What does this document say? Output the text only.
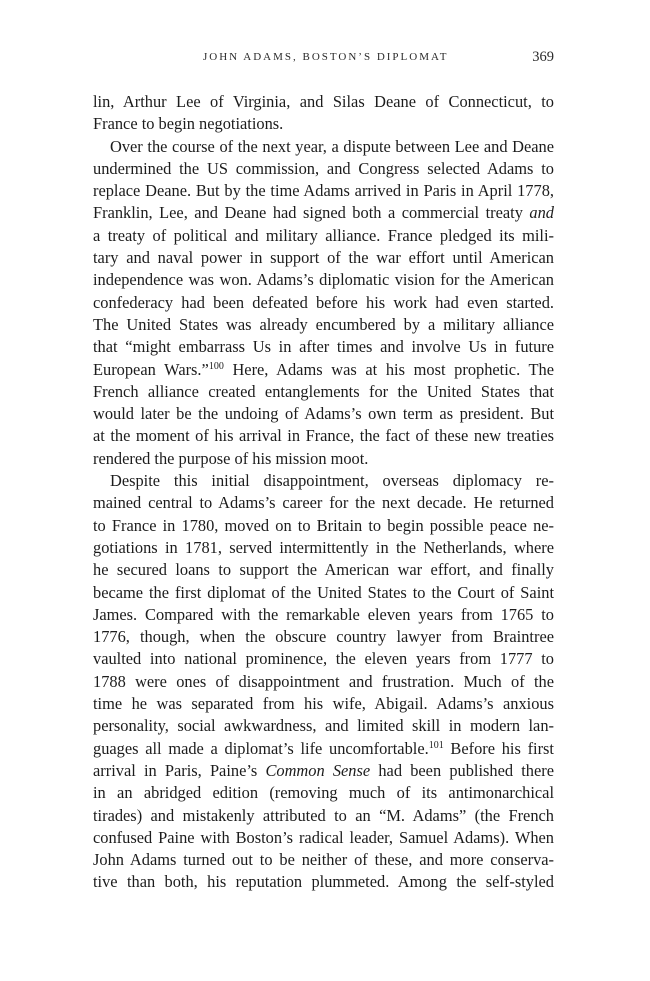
JOHN ADAMS, BOSTON’S DIPLOMAT	369
lin, Arthur Lee of Virginia, and Silas Deane of Connecticut, to
France to begin negotiations.
Over the course of the next year, a dispute between Lee and Deane
undermined the US commission, and Congress selected Adams to
replace Deane. But by the time Adams arrived in Paris in April 1778,
Franklin, Lee, and Deane had signed both a commercial treaty and
a treaty of political and military alliance. France pledged its mili-
tary and naval power in support of the war effort until American
independence was won. Adams’s diplomatic vision for the American
confederacy had been defeated before his work had even started.
The United States was already encumbered by a military alliance
that “might embarrass Us in after times and involve Us in future
European Wars.”$^{100}$ Here, Adams was at his most prophetic. The
French alliance created entanglements for the United States that
would later be the undoing of Adams’s own term as president. But
at the moment of his arrival in France, the fact of these new treaties
rendered the purpose of his mission moot.
Despite this initial disappointment, overseas diplomacy re-
mained central to Adams’s career for the next decade. He returned
to France in 1780, moved on to Britain to begin possible peace ne-
gotiations in 1781, served intermittently in the Netherlands, where
he secured loans to support the American war effort, and finally
became the first diplomat of the United States to the Court of Saint
James. Compared with the remarkable eleven years from 1765 to
1776, though, when the obscure country lawyer from Braintree
vaulted into national prominence, the eleven years from 1777 to
1788 were ones of disappointment and frustration. Much of the
time he was separated from his wife, Abigail. Adams’s anxious
personality, social awkwardness, and limited skill in modern lan-
guages all made a diplomat’s life uncomfortable.$^{101}$ Before his first
arrival in Paris, Paine’s Common Sense had been published there
in an abridged edition (removing much of its antimonarchical
tirades) and mistakenly attributed to an “M. Adams” (the French
confused Paine with Boston’s radical leader, Samuel Adams). When
John Adams turned out to be neither of these, and more conserva-
tive than both, his reputation plummeted. Among the self-styled
